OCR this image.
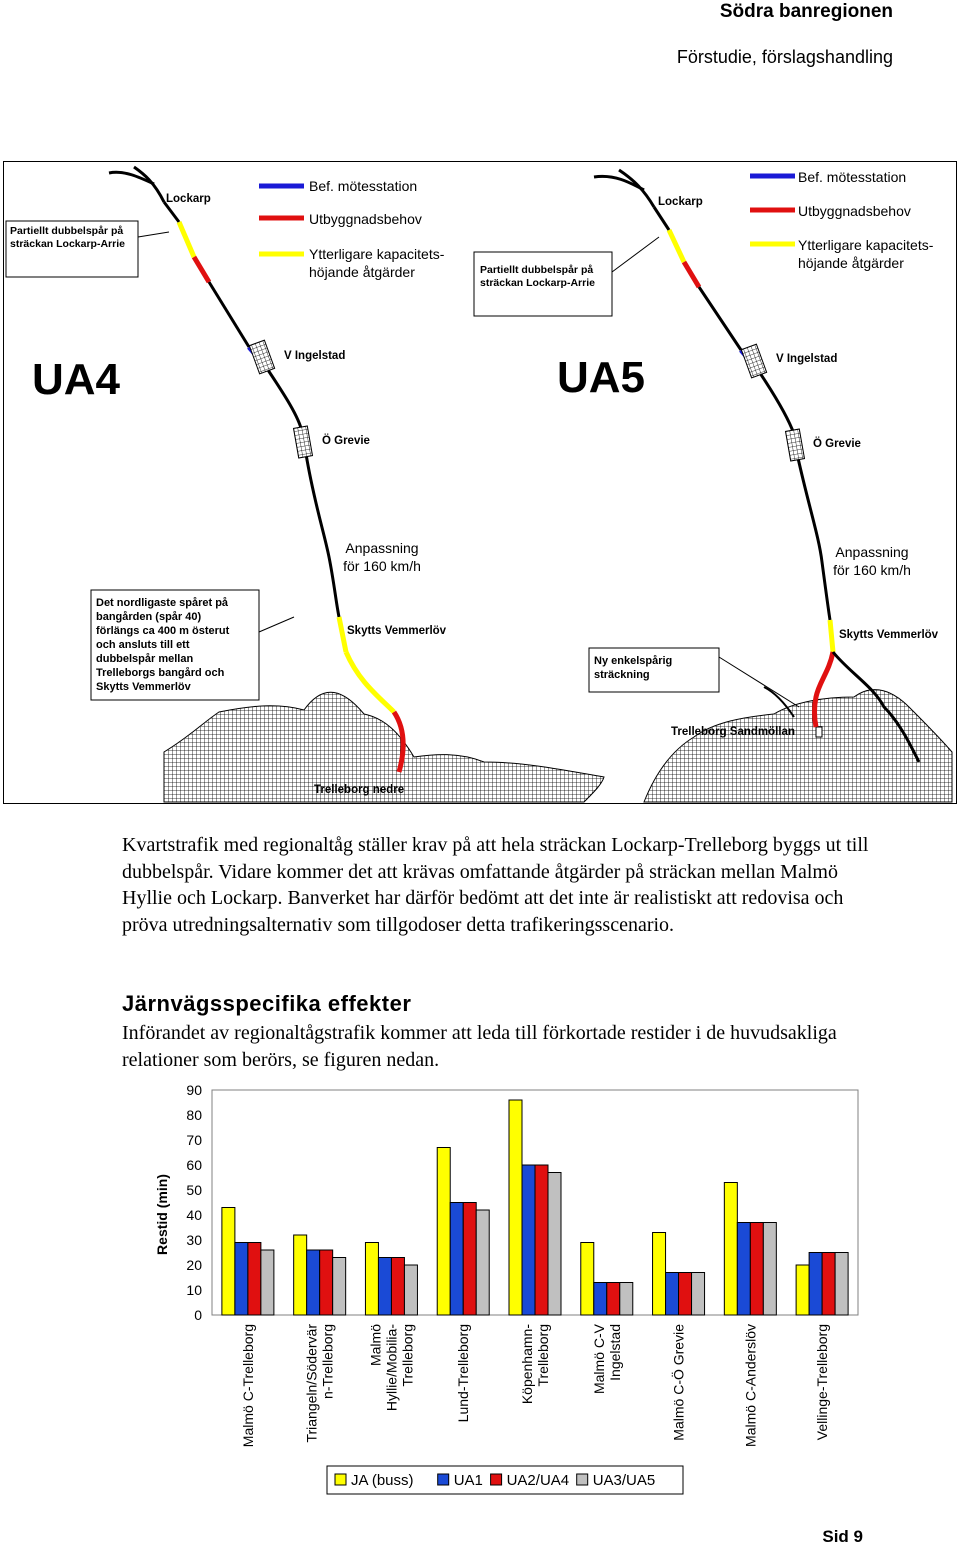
Södra banregionen
Förstudie, förslagshandling
Bef. mötesstation
Utbyggnadsbehov
Ytterligare kapacitets-
höjande åtgärder
Partiellt dubbelspår på sträckan Lockarp-Arrie
Lockarp
V Ingelstad
Ö Grevie
Anpassning
för 160 km/h
Skytts Vemmerlöv
Trelleborg nedre
Det nordligaste spåret på bangården (spår 40) förlängs ca 400 m österut och ansluts till ett dubbelspår mellan Trelleborgs bangård och Skytts Vemmerlöv
UA4
Bef. mötesstation
Utbyggnadsbehov
Ytterligare kapacitets-
höjande åtgärder
Partiellt dubbelspår på sträckan Lockarp-Arrie
Lockarp
V Ingelstad
Ö Grevie
Anpassning
för 160 km/h
Skytts Vemmerlöv
Trelleborg Sandmöllan
Ny enkelspårig sträckning
UA5
Kvartstrafik med regionaltåg ställer krav på att hela sträckan Lockarp-Trelleborg byggs ut till dubbelspår. Vidare kommer det att krävas omfattande åtgärder på sträckan mellan Malmö Hyllie och Lockarp. Banverket har därför bedömt att det inte är realistiskt att redovisa och pröva utredningsalternativ som tillgodoser detta trafikeringsscenario.
Järnvägsspecifika effekter
Införandet av regionaltågstrafik kommer att leda till förkortade restider i de huvudsakliga relationer som berörs, se figuren nedan.
0
10
20
30
40
50
60
70
80
90
Restid (min)
Malmö C-Trelleborg	Triangeln/Södervärn-Trelleborg MalmöHyllie/Mobilia-Trelleborg	Lund-Trelleborg	Köpenhamn-Trelleborg	Malmö C-VIngelstad	Malmö C-Ö Grevie	Malmö C-Anderslöv	Vellinge-Trelleborg
JA (buss)	UA1 UA2/UA4 UA3/UA5
Sid 9
